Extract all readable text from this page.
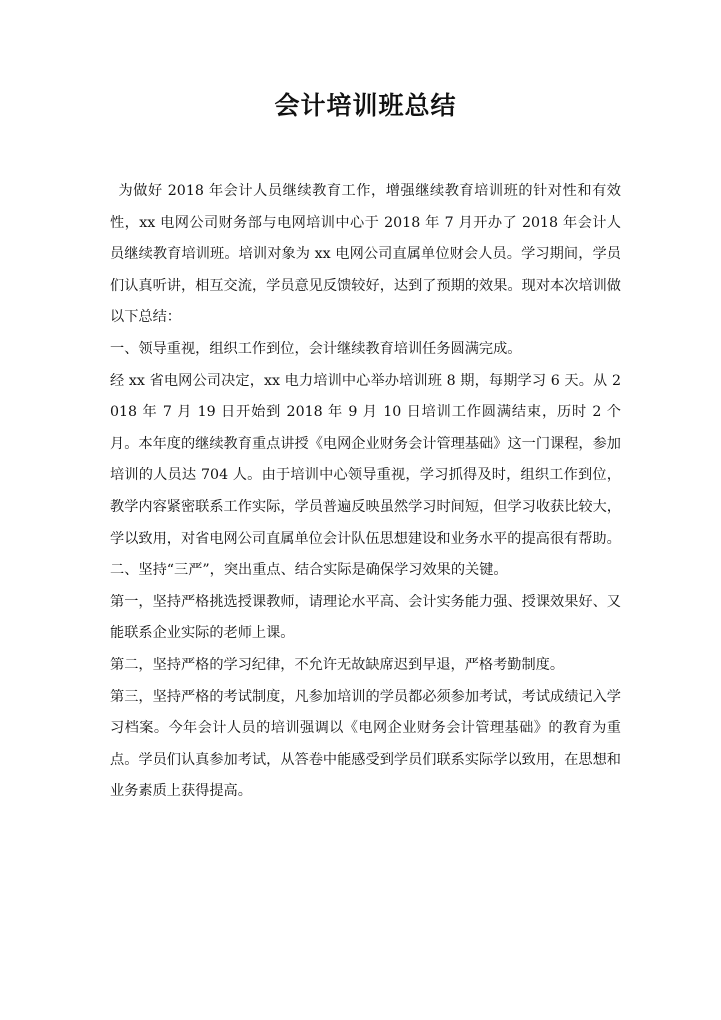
会计培训班总结

为做好 2018 年会计人员继续教育工作，增强继续教育培训班的针对性和有效性，xx 电网公司财务部与电网培训中心于 2018 年 7 月开办了 2018 年会计人员继续教育培训班。培训对象为 xx 电网公司直属单位财会人员。学习期间，学员们认真听讲，相互交流，学员意见反馈较好，达到了预期的效果。现对本次培训做以下总结：

一、领导重视，组织工作到位，会计继续教育培训任务圆满完成。

经 xx 省电网公司决定，xx 电力培训中心举办培训班 8 期，每期学习 6 天。从 2018 年 7 月 19 日开始到 2018 年 9 月 10 日培训工作圆满结束，历时 2 个月。本年度的继续教育重点讲授《电网企业财务会计管理基础》这一门课程，参加培训的人员达 704 人。由于培训中心领导重视，学习抓得及时，组织工作到位，教学内容紧密联系工作实际，学员普遍反映虽然学习时间短，但学习收获比较大，学以致用，对省电网公司直属单位会计队伍思想建设和业务水平的提高很有帮助。

二、坚持“三严”，突出重点、结合实际是确保学习效果的关键。

第一，坚持严格挑选授课教师，请理论水平高、会计实务能力强、授课效果好、又能联系企业实际的老师上课。

第二，坚持严格的学习纪律，不允许无故缺席迟到早退，严格考勤制度。

第三，坚持严格的考试制度，凡参加培训的学员都必须参加考试，考试成绩记入学习档案。今年会计人员的培训强调以《电网企业财务会计管理基础》的教育为重点。学员们认真参加考试，从答卷中能感受到学员们联系实际学以致用，在思想和业务素质上获得提高。
